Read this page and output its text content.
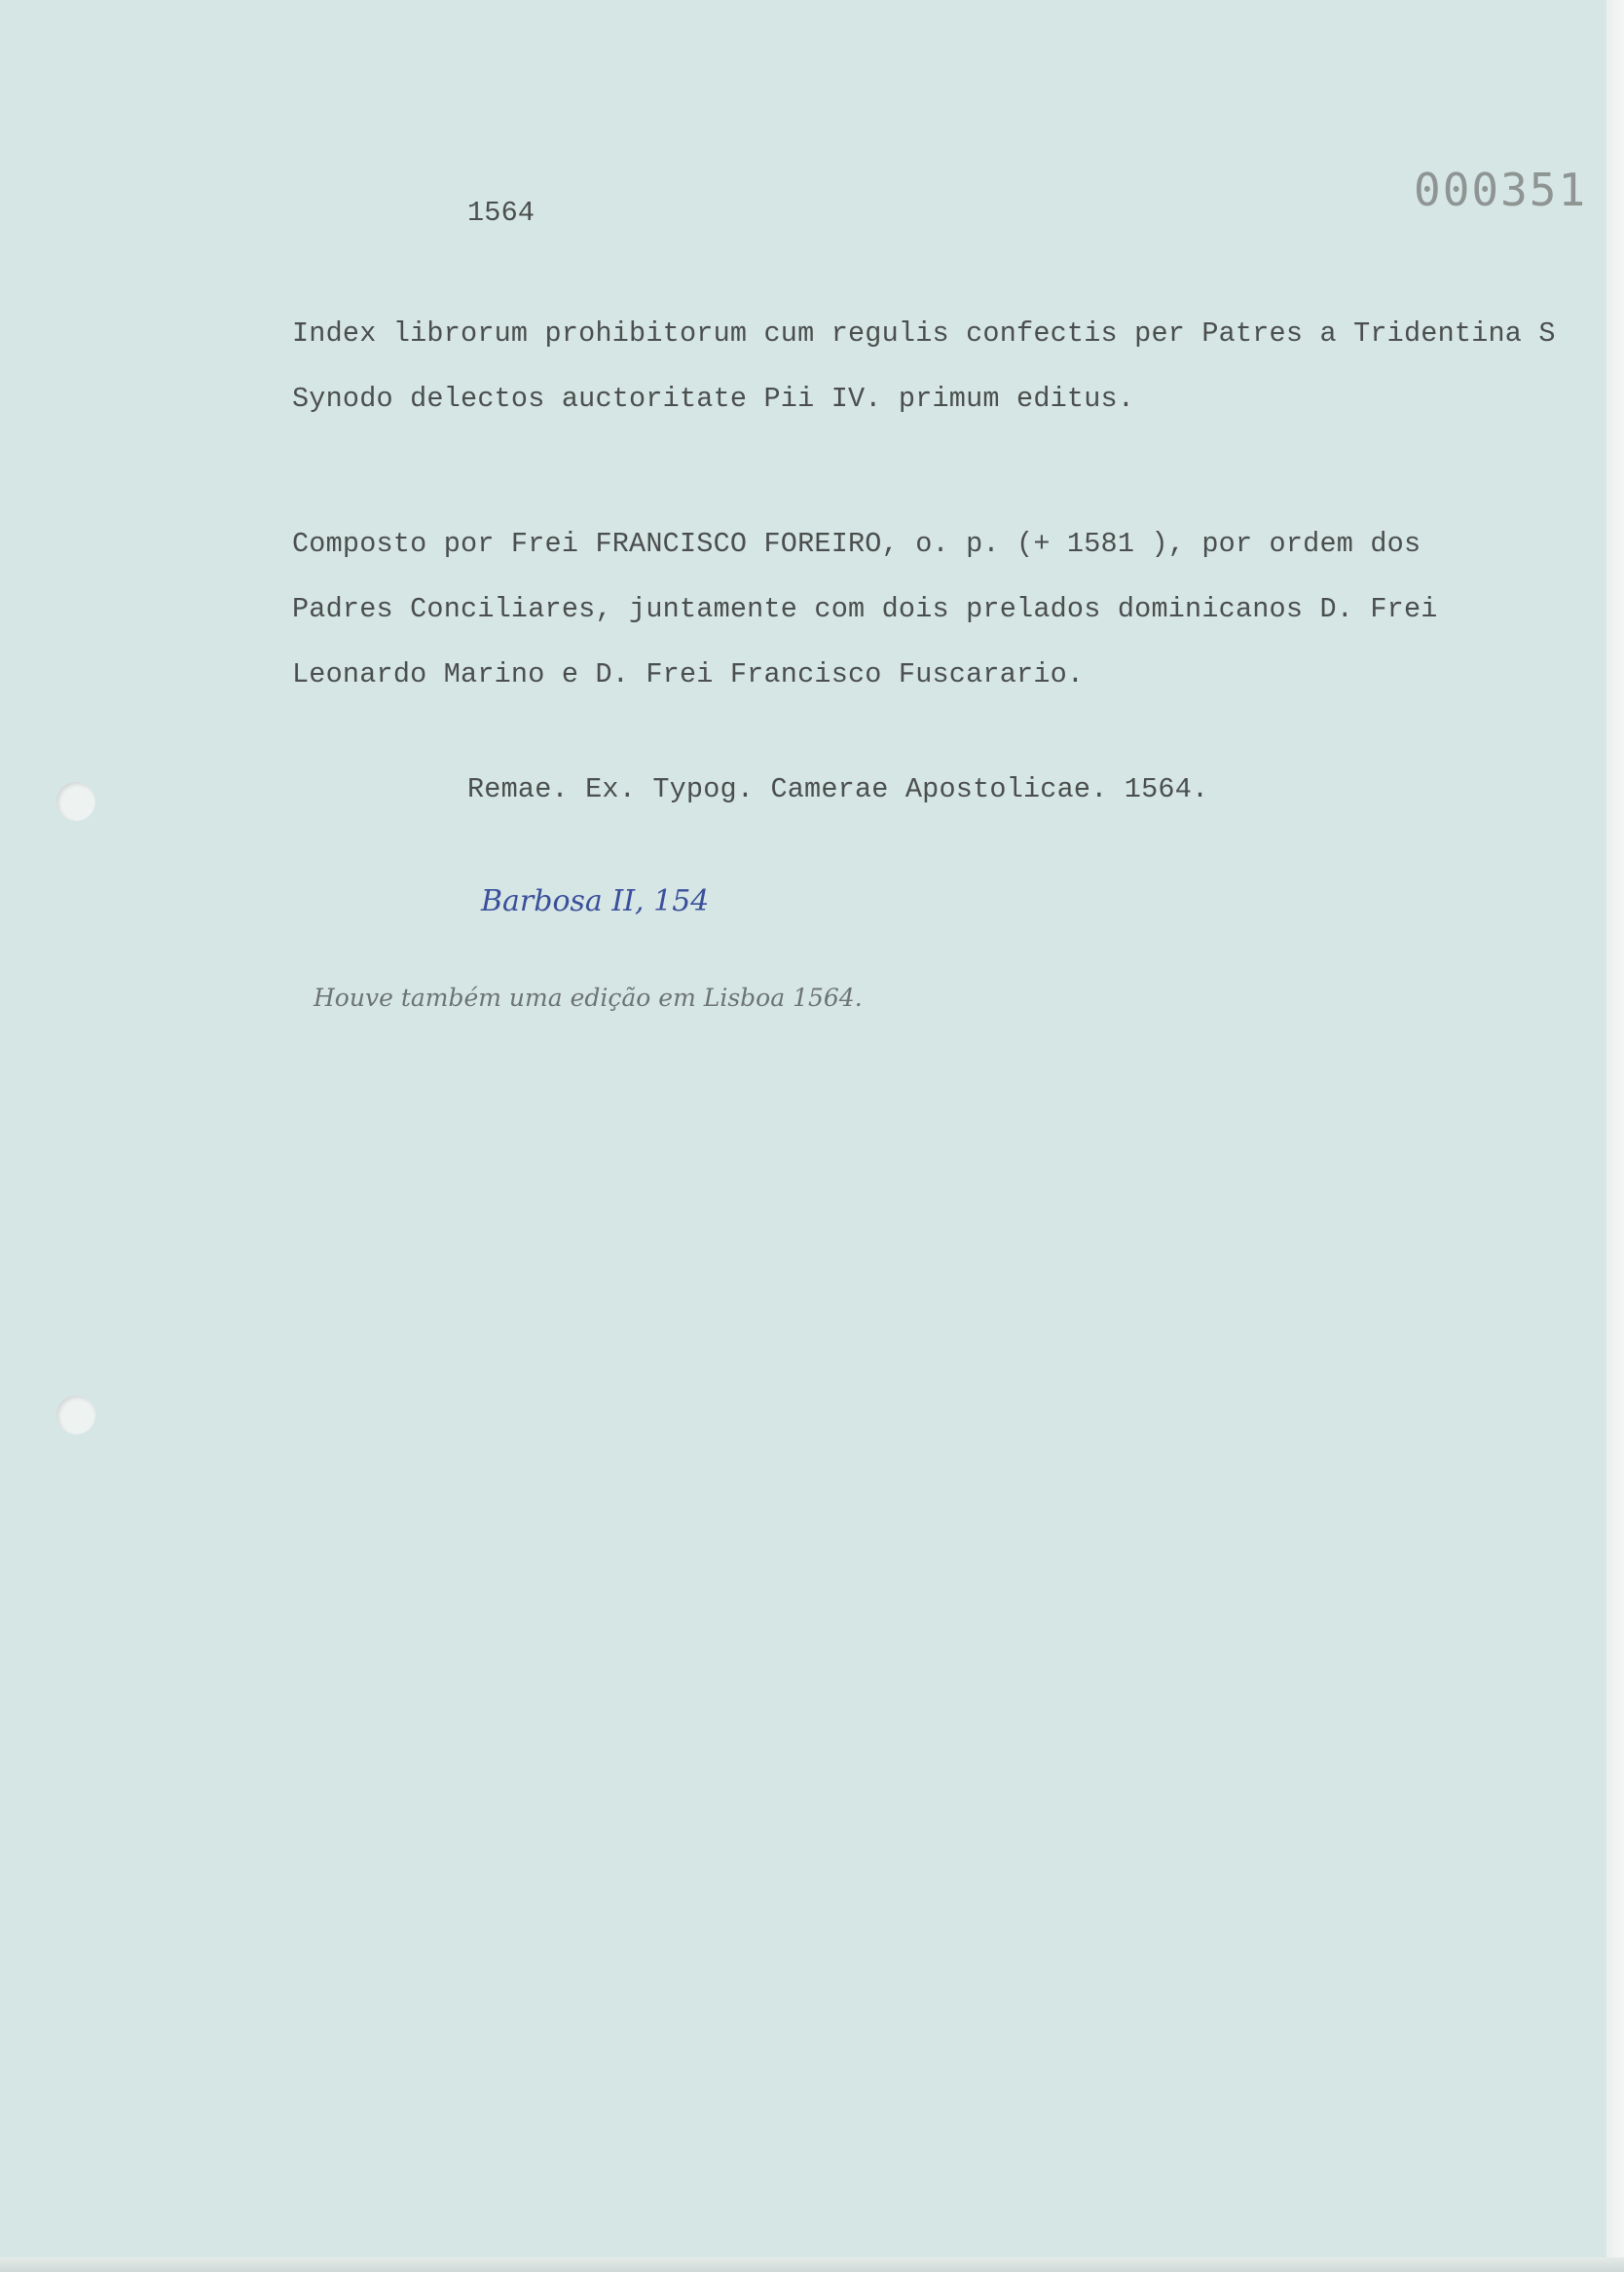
1564	000351
Index librorum prohibitorum cum regulis confectis per Patres a Tridentina S
Synodo delectos auctoritate Pii IV. primum editus.
Composto por Frei FRANCISCO FOREIRO, o. p. (+ 1581 ), por ordem dos
Padres Conciliares, juntamente com dois prelados dominicanos D. Frei
Leonardo Marino e D. Frei Francisco Fuscarario.
Remae. Ex. Typog. Camerae Apostolicae. 1564.
Barbosa II, 154
Houve também uma edição em Lisboa 1564.
